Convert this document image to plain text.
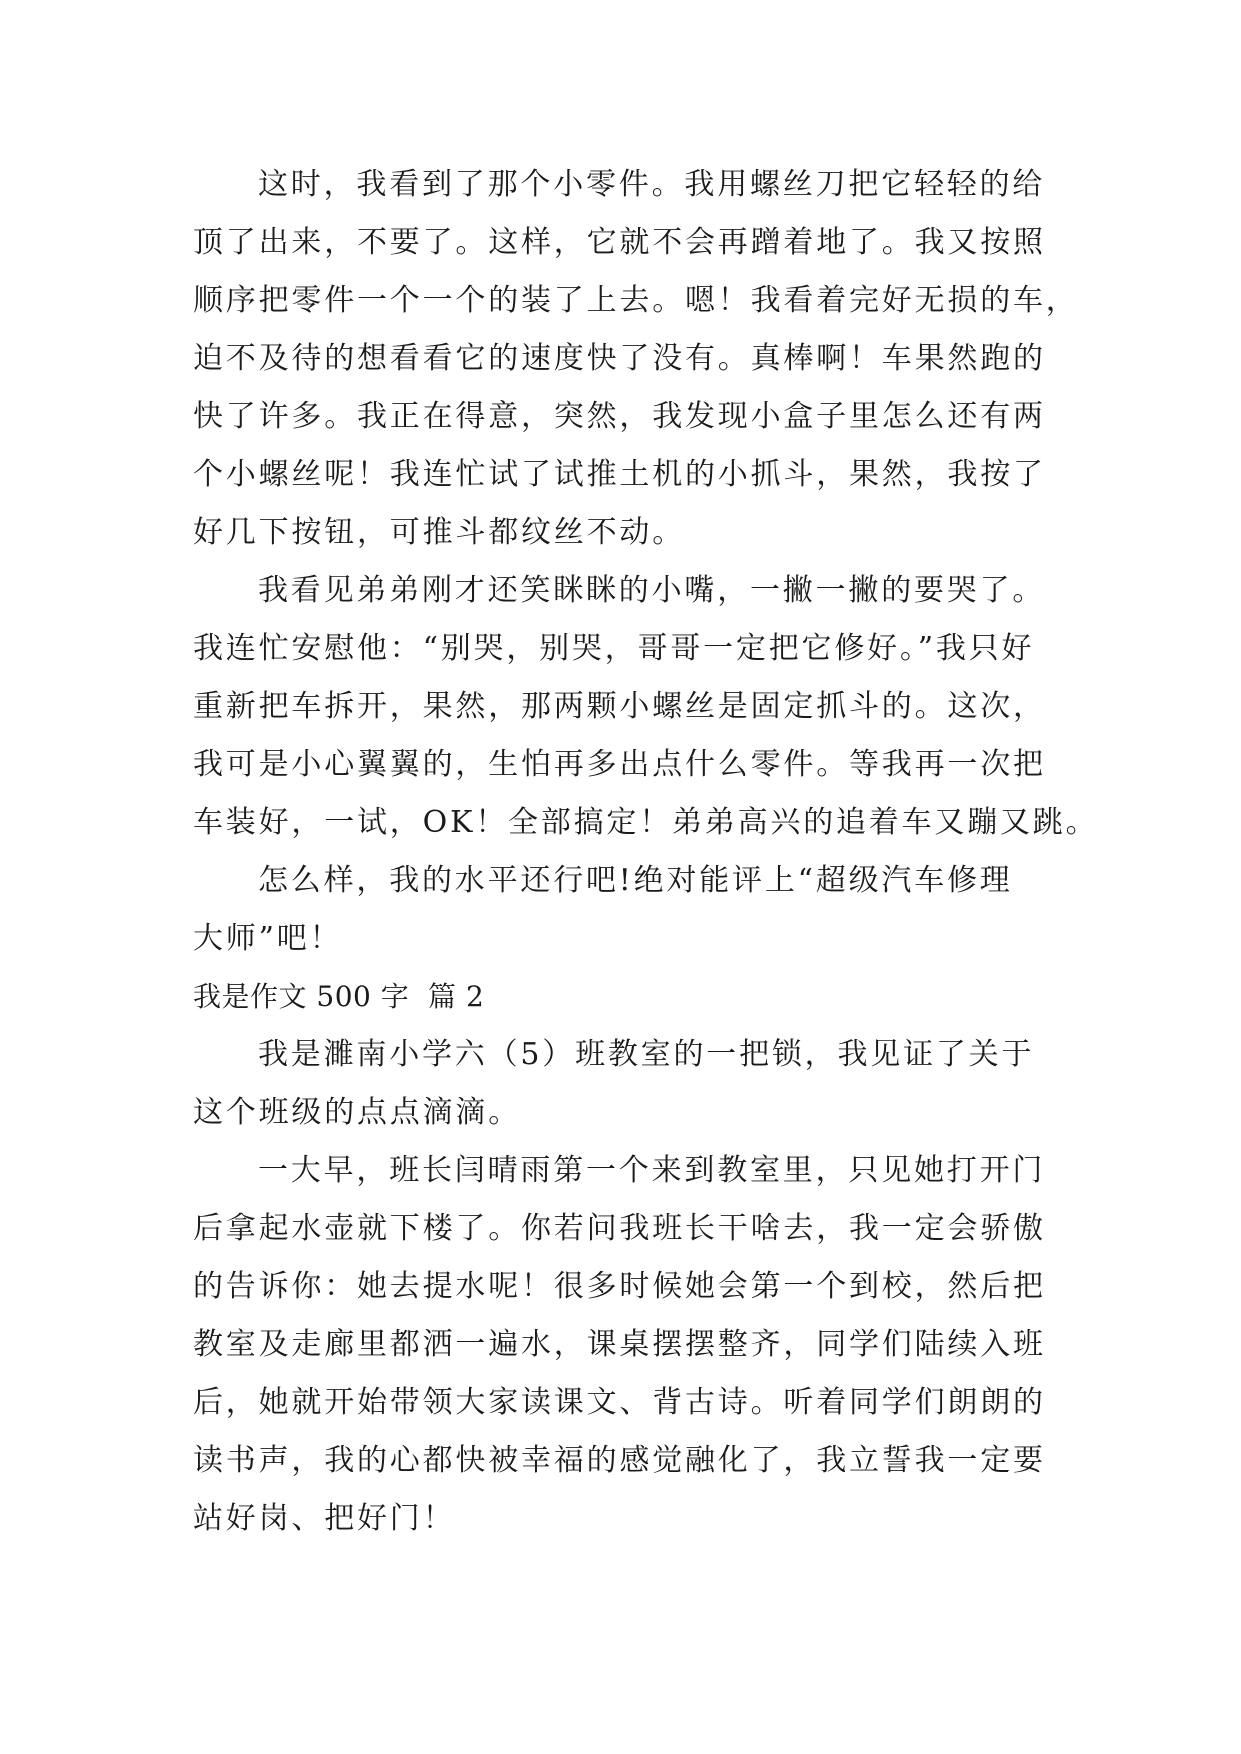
这时，我看到了那个小零件。我用螺丝刀把它轻轻的给
顶了出来，不要了。这样，它就不会再蹭着地了。我又按照
顺序把零件一个一个的装了上去。嗯！我看着完好无损的车，
迫不及待的想看看它的速度快了没有。真棒啊！车果然跑的
快了许多。我正在得意，突然，我发现小盒子里怎么还有两
个小螺丝呢！我连忙试了试推土机的小抓斗，果然，我按了
好几下按钮，可推斗都纹丝不动。
我看见弟弟刚才还笑眯眯的小嘴，一撇一撇的要哭了。
我连忙安慰他：“别哭，别哭，哥哥一定把它修好。”我只好
重新把车拆开，果然，那两颗小螺丝是固定抓斗的。这次，
我可是小心翼翼的，生怕再多出点什么零件。等我再一次把
车装好，一试，OK！全部搞定！弟弟高兴的追着车又蹦又跳。
怎么样，我的水平还行吧!绝对能评上“超级汽车修理
大师”吧！
我是作文 500 字  篇 2
我是濉南小学六（5）班教室的一把锁，我见证了关于
这个班级的点点滴滴。
一大早，班长闫晴雨第一个来到教室里，只见她打开门
后拿起水壶就下楼了。你若问我班长干啥去，我一定会骄傲
的告诉你：她去提水呢！很多时候她会第一个到校，然后把
教室及走廊里都洒一遍水，课桌摆摆整齐，同学们陆续入班
后，她就开始带领大家读课文、背古诗。听着同学们朗朗的
读书声，我的心都快被幸福的感觉融化了，我立誓我一定要
站好岗、把好门！
